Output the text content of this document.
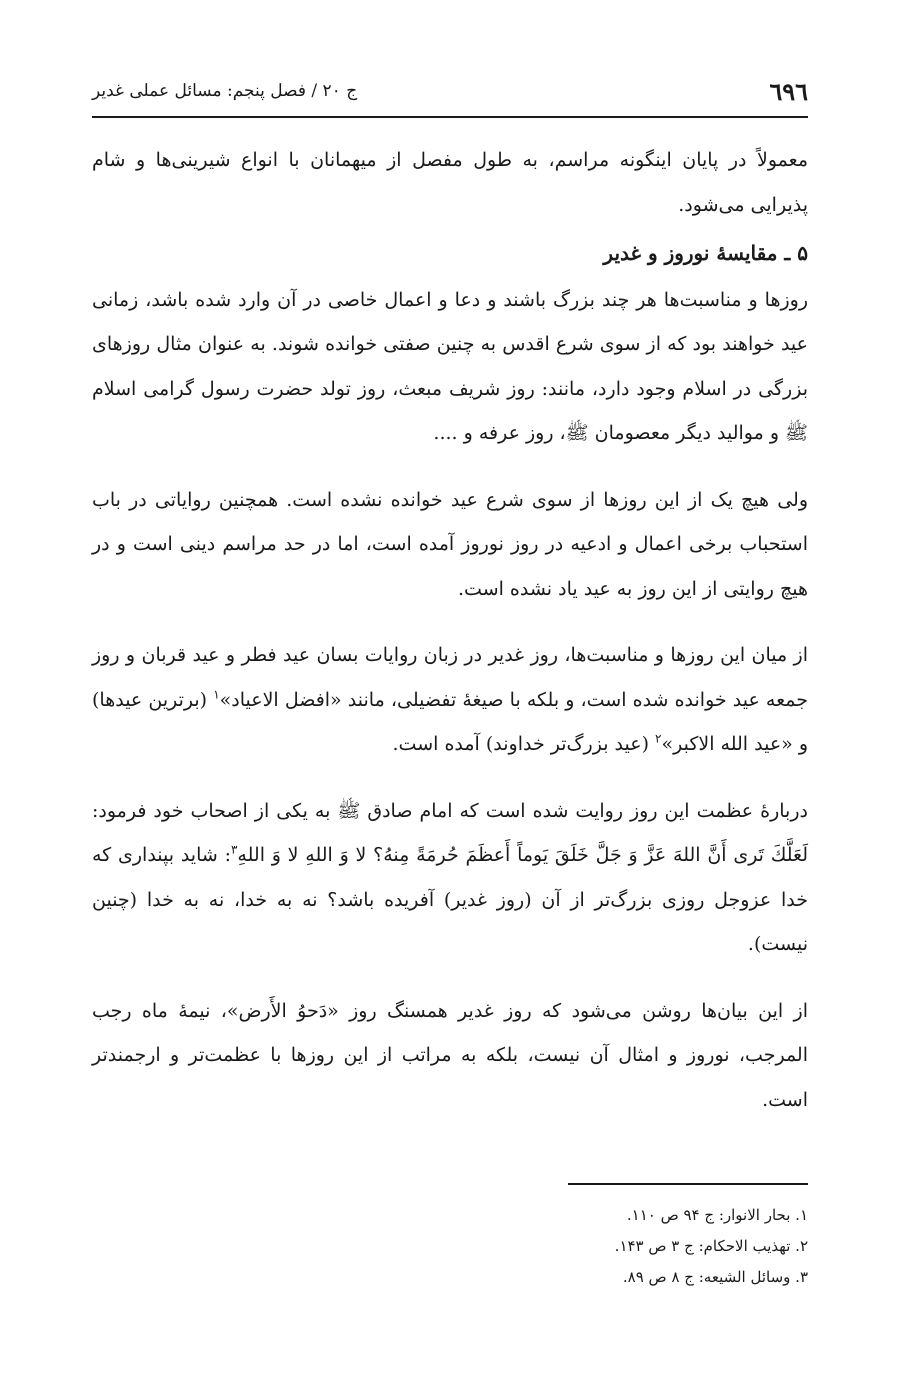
٦٩٦
ج ۲۰ / فصل پنجم: مسائل عملی غدیر

معمولاً در پایان اینگونه مراسم، به طول مفصل از میهمانان با انواع شیرینی‌ها و شام پذیرایی می‌شود.

۵ ـ مقایسهٔ نوروز و غدیر

روزها و مناسبت‌ها هر چند بزرگ باشند و دعا و اعمال خاصی در آن وارد شده باشد، زمانی عید خواهند بود که از سوی شرع اقدس به چنین صفتی خوانده شوند. به عنوان مثال روزهای بزرگی در اسلام وجود دارد، مانند: روز شریف مبعث، روز تولد حضرت رسول گرامی اسلام ﷺ و موالید دیگر معصومان ﷺ، روز عرفه و ....

ولی هیچ یک از این روزها از سوی شرع عید خوانده نشده است. همچنین روایاتی در باب استحباب برخی اعمال و ادعیه در روز نوروز آمده است، اما در حد مراسم دینی است و در هیچ روایتی از این روز به عید یاد نشده است.

از میان این روزها و مناسبت‌ها، روز غدیر در زبان روایات بسان عید فطر و عید قربان و روز جمعه عید خوانده شده است، و بلکه با صیغهٔ تفضیلی، مانند «افضل الاعیاد»$^۱$ (برترین عیدها) و «عید الله الاکبر»$^۲$ (عید بزرگ‌تر خداوند) آمده است.

دربارهٔ عظمت این روز روایت شده است که امام صادق ﷺ به یکی از اصحاب خود فرمود: لَعَلَّكَ تَرى أَنَّ اللهَ عَزَّ وَ جَلَّ خَلَقَ يَوماً أَعظَمَ حُرمَةً مِنهُ؟ لا وَ اللهِ لا وَ اللهِ$^۳$: شاید بپنداری که خدا عزوجل روزی بزرگ‌تر از آن (روز غدیر) آفریده باشد؟ نه به خدا، نه به خدا (چنین نیست).

از این بیان‌ها روشن می‌شود که روز غدیر همسنگ روز «دَحوُ الأَرض»، نیمهٔ ماه رجب المرجب، نوروز و امثال آن نیست، بلکه به مراتب از این روزها با عظمت‌تر و ارجمندتر است.

۱. بحار الانوار: ج ۹۴ ص ۱۱۰.
۲. تهذیب الاحکام: ج ۳ ص ۱۴۳.
۳. وسائل الشیعه: ج ۸ ص ۸۹.
